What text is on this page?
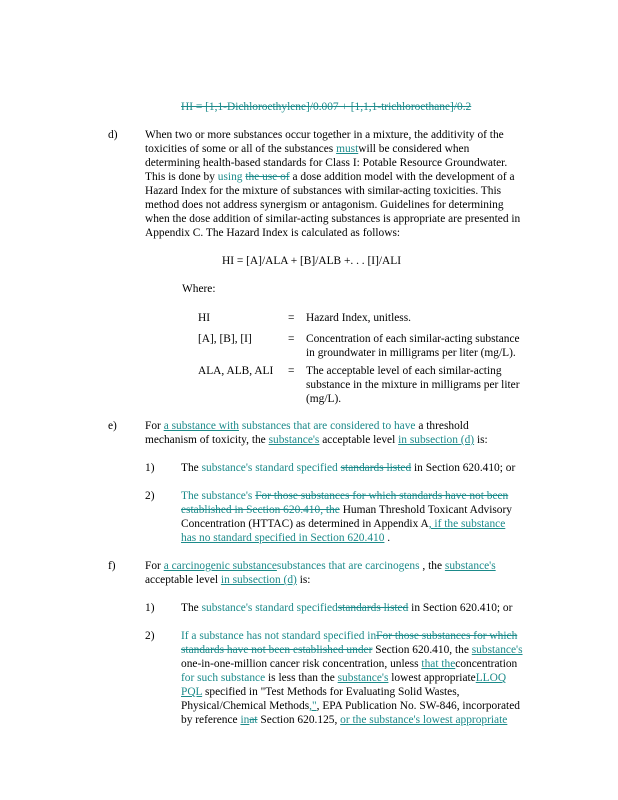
HI = [1,1-Dichloroethylene]/0.007 + [1,1,1-trichloroethane]/0.2
d) When two or more substances occur together in a mixture, the additivity of the
toxicities of some or all of the substances mustwill be considered when
determining health-based standards for Class I: Potable Resource Groundwater.
This is done by using the use of a dose addition model with the development of a
Hazard Index for the mixture of substances with similar-acting toxicities. This
method does not address synergism or antagonism. Guidelines for determining
when the dose addition of similar-acting substances is appropriate are presented in
Appendix C. The Hazard Index is calculated as follows:
HI = [A]/ALA + [B]/ALB +. . . [I]/ALI
Where:
HI	= Hazard Index, unitless.
[A], [B], [I]	= Concentration of each similar-acting substance
in groundwater in milligrams per liter (mg/L).
ALA, ALB, ALI = The acceptable level of each similar-acting
substance in the mixture in milligrams per liter
(mg/L).
e) For a substance with substances that are considered to have a threshold
mechanism of toxicity, the substance's acceptable level in subsection (d) is:
1) The substance's standard specified standards listed in Section 620.410; or
2) The substance's For those substances for which standards have not been
established in Section 620.410, the Human Threshold Toxicant Advisory
Concentration (HTTAC) as determined in Appendix A, if the substance
has no standard specified in Section 620.410 .
f)	For a carcinogenic substancesubstances that are carcinogens , the substance's
acceptable level in subsection (d) is:
1) The substance's standard specifiedstandards listed in Section 620.410; or
2) If a substance has not standard specified inFor those substances for which
standards have not been established under Section 620.410, the substance's
one-in-one-million cancer risk concentration, unless that theconcentration
for such substance is less than the substance's lowest appropriateLLOQ
PQL specified in "Test Methods for Evaluating Solid Wastes,
Physical/Chemical Methods,", EPA Publication No. SW-846, incorporated
by reference inat Section 620.125, or the substance's lowest appropriate
